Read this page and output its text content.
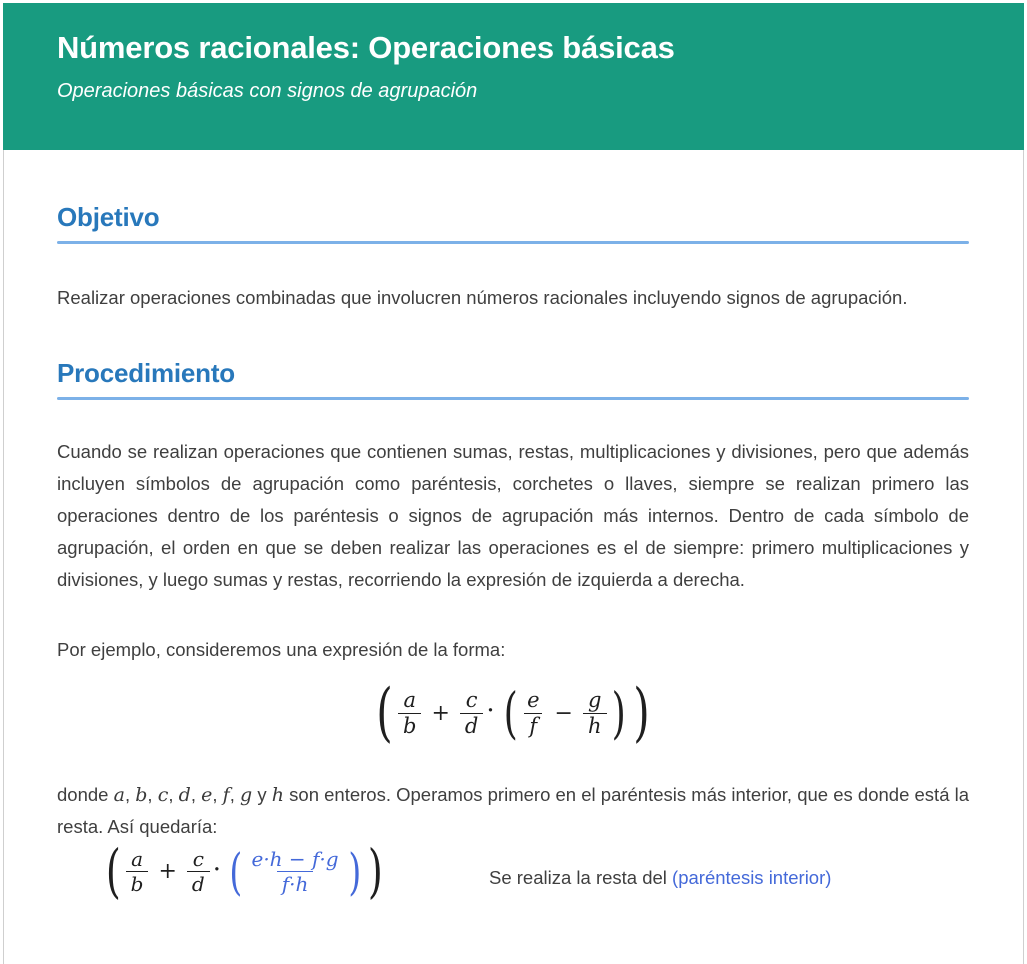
Números racionales: Operaciones básicas
Operaciones básicas con signos de agrupación
Objetivo

Realizar operaciones combinadas que involucren números racionales incluyendo signos de agrupación.

Procedimiento

Cuando se realizan operaciones que contienen sumas, restas, multiplicaciones y divisiones, pero que además incluyen símbolos de agrupación como paréntesis, corchetes o llaves, siempre se realizan primero las operaciones dentro de los paréntesis o signos de agrupación más internos. Dentro de cada símbolo de agrupación, el orden en que se deben realizar las operaciones es el de siempre: primero multiplicaciones y divisiones, y luego sumas y restas, recorriendo la expresión de izquierda a derecha.

Por ejemplo, consideremos una expresión de la forma:

( $\frac{a}{b} + \frac{c}{d}$ · ( $\frac{e}{f} - \frac{g}{h}$ ) )

donde a, b, c, d, e, f, g y h son enteros. Operamos primero en el paréntesis más interior, que es donde está la resta. Así quedaría:

( $\frac{a}{b} + \frac{c}{d}$ · ( $\frac{e\cdot h - f\cdot g}{f\cdot h}$ ) )	Se realiza la resta del (paréntesis interior)
